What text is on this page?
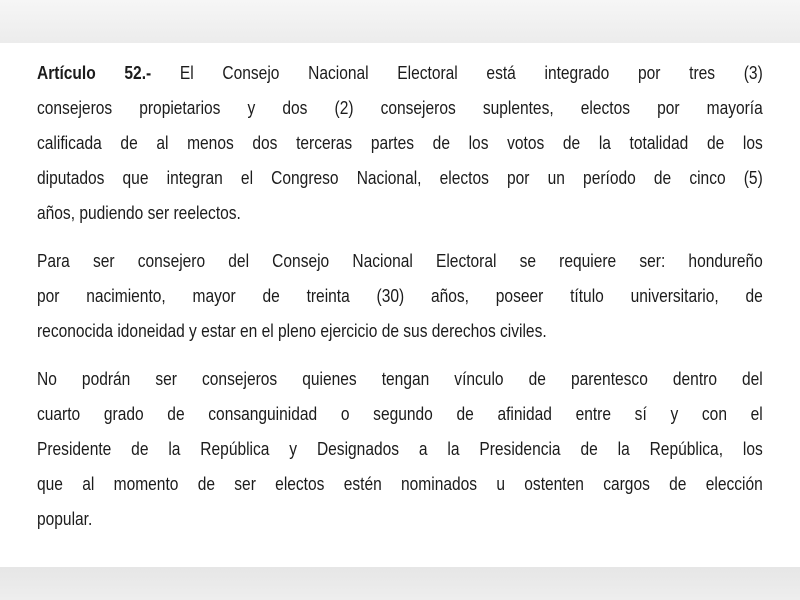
Artículo 52.- El Consejo Nacional Electoral está integrado por tres (3)
consejeros propietarios y dos (2) consejeros suplentes, electos por mayoría
calificada de al menos dos terceras partes de los votos de la totalidad de los
diputados que integran el Congreso Nacional, electos por un período de cinco (5)
años, pudiendo ser reelectos.
Para ser consejero del Consejo Nacional Electoral se requiere ser: hondureño
por nacimiento, mayor de treinta (30) años, poseer título universitario, de
reconocida idoneidad y estar en el pleno ejercicio de sus derechos civiles.
No podrán ser consejeros quienes tengan vínculo de parentesco dentro del
cuarto grado de consanguinidad o segundo de afinidad entre sí y con el
Presidente de la República y Designados a la Presidencia de la República, los
que al momento de ser electos estén nominados u ostenten cargos de elección
popular.
